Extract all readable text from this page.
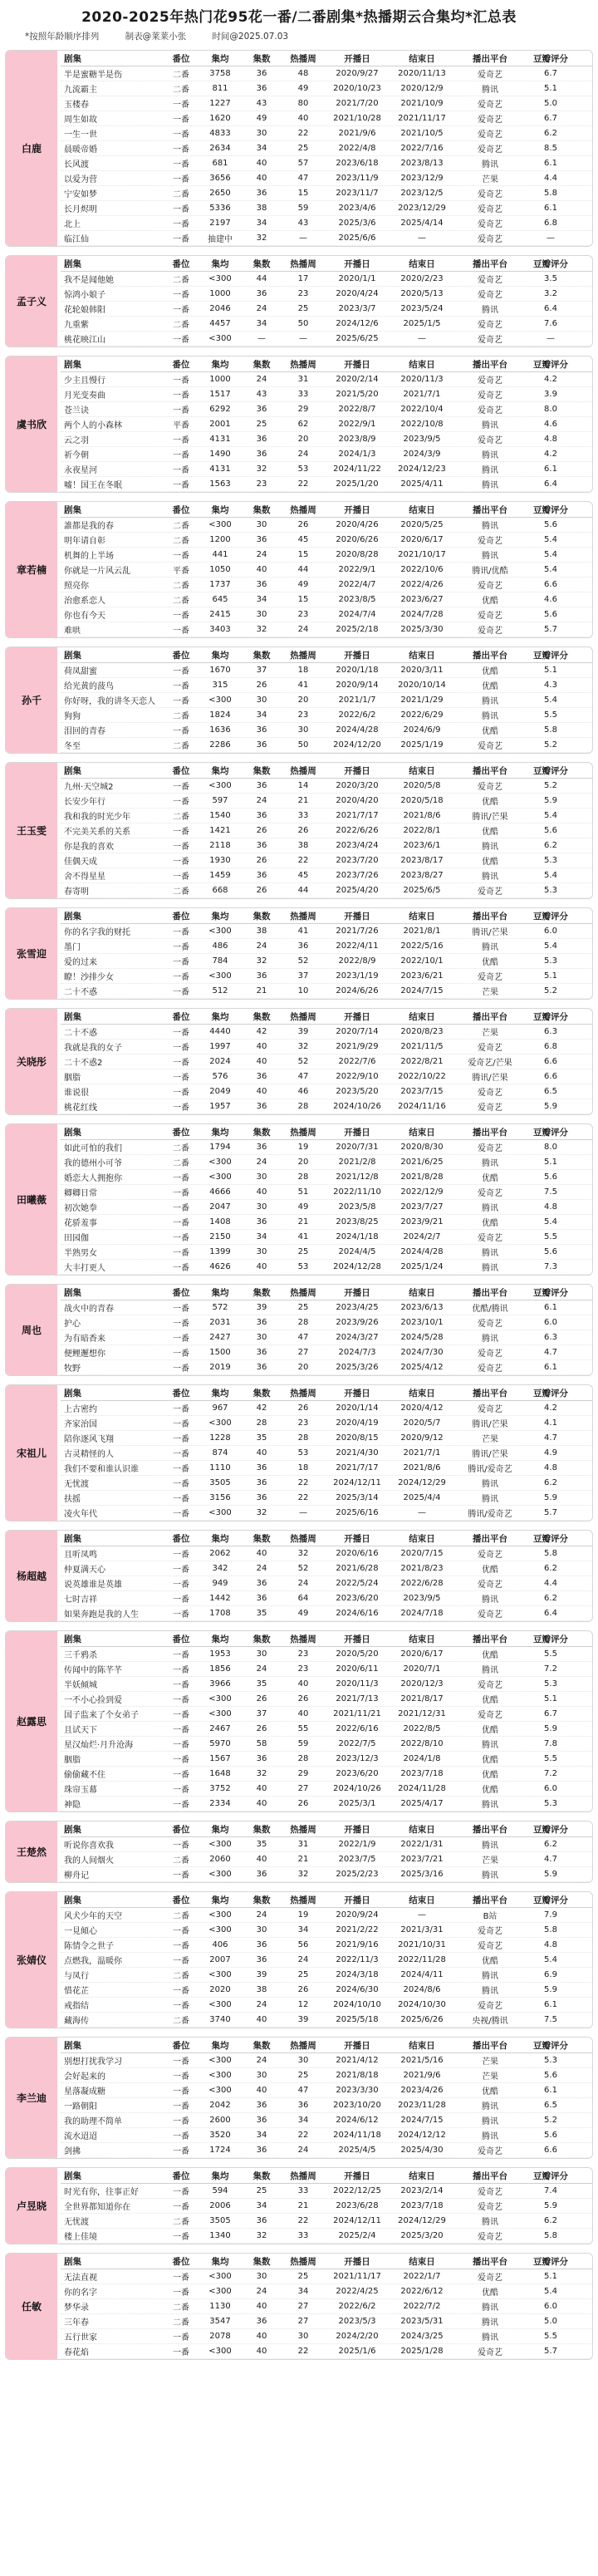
2020-2025年热门花95花一番/二番剧集*热播期云合集均*汇总表
*按照年龄顺序排列	制表@莱莱小张	时间@2025.07.03
白鹿
剧集	番位	集均	集数	热播周	开播日	结束日	播出平台	豆瓣评分
半是蜜糖半是伤	二番	3758	36	48	2020/9/27	2020/11/13	爱奇艺	6.7
九流霸主	二番	811	36	49	2020/10/23	2020/12/9	腾讯	5.1
玉楼春	一番	1227	43	80	2021/7/20	2021/10/9	爱奇艺	5.0
周生如故	一番	1620	49	40	2021/10/28	2021/11/17	爱奇艺	6.7
一生一世	一番	4833	30	22	2021/9/6	2021/10/5	爱奇艺	6.2
晨暖帝婚	一番	2634	34	25	2022/4/8	2022/7/16	爱奇艺	8.5
长风渡	一番	681	40	57	2023/6/18	2023/8/13	腾讯	6.1
以爱为营	一番	3656	40	47	2023/11/9	2023/12/9	芒果	4.4
宁安如梦	二番	2650	36	15	2023/11/7	2023/12/5	爱奇艺	5.8
长月烬明	一番	5336	38	59	2023/4/6	2023/12/29	爱奇艺	6.1
北上	一番	2197	34	43	2025/3/6	2025/4/14	爱奇艺	6.8
临江仙	一番	抽建中	32	—	2025/6/6	—	爱奇艺	—
孟子义
剧集	番位	集均	集数	热播周	开播日	结束日	播出平台	豆瓣评分
我不是闻他她	二番	<300	44	17	2020/1/1	2020/2/23	爱奇艺	3.5
惊鸿小娘子	一番	1000	36	23	2020/4/24	2020/5/13	爱奇艺	3.2
花轮娘韩阳	一番	2046	24	25	2023/3/7	2023/5/24	腾讯	6.4
九重紫	二番	4457	34	50	2024/12/6	2025/1/5	爱奇艺	7.6
桃花映江山	一番	<300	—	—	2025/6/25	—	爱奇艺	—
虞书欣
剧集	番位	集均	集数	热播周	开播日	结束日	播出平台	豆瓣评分
少主且慢行	一番	1000	24	31	2020/2/14	2020/11/3	爱奇艺	4.2
月光变奏曲	一番	1517	43	33	2021/5/20	2021/7/1	爱奇艺	3.9
苍兰诀	一番	6292	36	29	2022/8/7	2022/10/4	爱奇艺	8.0
两个人的小森林	平番	2001	25	62	2022/9/1	2022/10/8	腾讯	4.6
云之羽	一番	4131	36	20	2023/8/9	2023/9/5	爱奇艺	4.8
祈今朝	一番	1490	36	24	2024/1/3	2024/3/9	腾讯	4.2
永夜星河	一番	4131	32	53	2024/11/22	2024/12/23	腾讯	6.1
嘘！国王在冬眠	一番	1563	23	22	2025/1/20	2025/4/11	腾讯	6.4
章若楠
剧集	番位	集均	集数	热播周	开播日	结束日	播出平台	豆瓣评分
誰都是我的春	二番	<300	30	26	2020/4/26	2020/5/25	腾讯	5.6
明年请自彰	二番	1200	36	45	2020/6/26	2020/6/17	爱奇艺	5.4
机舞的上半场	一番	441	24	15	2020/8/28	2021/10/17	腾讯	5.4
你就是一片风云乱	平番	1050	40	44	2022/9/1	2022/10/6	腾讯/优酷	5.4
照亮你	二番	1737	36	49	2022/4/7	2022/4/26	爱奇艺	6.6
治愈系恋人	二番	645	34	15	2023/8/5	2023/6/27	优酷	4.6
你也有今天	一番	2415	30	23	2024/7/4	2024/7/28	爱奇艺	5.6
难哄	一番	3403	32	24	2025/2/18	2025/3/30	爱奇艺	5.7
孙千
剧集	番位	集均	集数	热播周	开播日	结束日	播出平台	豆瓣评分
荷凤甜蜜	一番	1670	37	18	2020/1/18	2020/3/11	优酷	5.1
给光黄的菠鸟	一番	315	26	41	2020/9/14	2020/10/14	优酷	4.3
你好呀，我的讲冬天恋人	一番	<300	30	20	2021/1/7	2021/1/29	腾讯	5.4
狗狗	二番	1824	34	23	2022/6/2	2022/6/29	腾讯	5.5
泪回的青春	一番	1636	36	30	2024/4/28	2024/6/9	优酷	5.8
冬至	二番	2286	36	50	2024/12/20	2025/1/19	爱奇艺	5.2
王玉雯
剧集	番位	集均	集数	热播周	开播日	结束日	播出平台	豆瓣评分
九州·天空城2	一番	<300	36	14	2020/3/20	2020/5/8	爱奇艺	5.2
长安少年行	一番	597	24	21	2020/4/20	2020/5/18	优酷	5.9
我和我的时光少年	二番	1540	36	33	2021/7/17	2021/8/6	腾讯/芒果	5.4
不完美关系的关系	一番	1421	26	26	2022/6/26	2022/8/1	优酷	5.6
你是我的喜欢	一番	2118	36	38	2023/4/24	2023/6/1	腾讯	6.2
佳偶天成	一番	1930	26	22	2023/7/20	2023/8/17	优酷	5.3
舍不得星星	一番	1459	36	45	2023/7/26	2023/8/27	腾讯	5.4
春寄明	二番	668	26	44	2025/4/20	2025/6/5	爱奇艺	5.3
张雪迎
剧集	番位	集均	集数	热播周	开播日	结束日	播出平台	豆瓣评分
你的名字我的财托	一番	<300	38	41	2021/7/26	2021/8/1	腾讯/芒果	6.0
墨门	一番	486	24	36	2022/4/11	2022/5/16	腾讯	5.4
爱的过来	一番	784	32	52	2022/8/9	2022/10/1	优酷	5.3
瞭！沙排少女	一番	<300	36	37	2023/1/19	2023/6/21	爱奇艺	5.1
二十不惑	一番	512	21	10	2024/6/26	2024/7/15	芒果	5.2
关晓彤
剧集	番位	集均	集数	热播周	开播日	结束日	播出平台	豆瓣评分
二十不惑	一番	4440	42	39	2020/7/14	2020/8/23	芒果	6.3
我就是我的女子	一番	1997	40	32	2021/9/29	2021/11/5	爱奇艺	6.8
二十不惑2	一番	2024	40	52	2022/7/6	2022/8/21	爱奇艺/芒果	6.6
胭脂	一番	576	36	47	2022/9/10	2022/10/22	腾讯/芒果	6.6
谁说很	一番	2049	40	46	2023/5/20	2023/7/15	爱奇艺	6.5
桃花红线	一番	1957	36	28	2024/10/26	2024/11/16	爱奇艺	5.9
田曦薇
剧集	番位	集均	集数	热播周	开播日	结束日	播出平台	豆瓣评分
如此可怕的我们	二番	1794	36	19	2020/7/31	2020/8/30	爱奇艺	8.0
我的德州小可爷	二番	<300	24	20	2021/2/8	2021/6/25	腾讯	5.1
婚恋大人拥抱你	一番	<300	30	28	2021/12/8	2021/8/28	优酷	5.6
卿卿日常	一番	4666	40	51	2022/11/10	2022/12/9	爱奇艺	7.5
初次她拳	一番	2047	30	49	2023/5/8	2023/7/27	腾讯	4.8
花骄羞事	一番	1408	36	21	2023/8/25	2023/9/21	优酷	5.4
田园伽	一番	2150	34	41	2024/1/18	2024/2/7	爱奇艺	5.5
半熟男女	一番	1399	30	25	2024/4/5	2024/4/28	腾讯	5.6
大丰打更人	一番	4626	40	53	2024/12/28	2025/1/24	腾讯	7.3
周也
剧集	番位	集均	集数	热播周	开播日	结束日	播出平台	豆瓣评分
战火中的青春	一番	572	39	25	2023/4/25	2023/6/13	优酷/腾讯	6.1
护心	一番	2031	36	28	2023/9/26	2023/10/1	爱奇艺	6.0
为有暗香来	一番	2427	30	47	2024/3/27	2024/5/28	腾讯	6.3
便鲤邂想你	一番	1500	36	27	2024/7/3	2024/7/30	爱奇艺	4.7
牧野	一番	2019	36	20	2025/3/26	2025/4/12	爱奇艺	6.1
宋祖儿
剧集	番位	集均	集数	热播周	开播日	结束日	播出平台	豆瓣评分
上古密约	一番	967	42	26	2020/1/14	2020/4/12	爱奇艺	4.2
齐家治国	一番	<300	28	23	2020/4/19	2020/5/7	腾讯/芒果	4.1
陪你逐风飞翔	一番	1228	35	28	2020/8/15	2020/9/12	芒果	4.7
古灵精怪的人	一番	874	40	53	2021/4/30	2021/7/1	腾讯/芒果	4.9
我们不要和谁认识谁	一番	1110	36	18	2021/7/17	2021/8/6	腾讯/爱奇艺	4.8
无忧渡	一番	3505	36	22	2024/12/11	2024/12/29	腾讯	6.2
扶摇	一番	3156	36	22	2025/3/14	2025/4/4	腾讯	5.9
凌火年代	一番	<300	32	—	2025/6/16	—	腾讯/爱奇艺	5.7
杨超越
剧集	番位	集均	集数	热播周	开播日	结束日	播出平台	豆瓣评分
且听凤鸣	一番	2062	40	32	2020/6/16	2020/7/15	爱奇艺	5.8
仲夏满天心	一番	342	24	52	2021/6/28	2021/8/23	优酷	6.2
说英雄谁是英雄	一番	949	36	24	2022/5/24	2022/6/28	爱奇艺	4.4
七时吉祥	一番	1442	36	64	2023/6/20	2023/9/5	腾讯	6.2
如果奔跑是我的人生	一番	1708	35	49	2024/6/16	2024/7/18	爱奇艺	6.4
赵露思
剧集	番位	集均	集数	热播周	开播日	结束日	播出平台	豆瓣评分
三千鸦杀	一番	1953	30	23	2020/5/20	2020/6/17	优酷	5.5
传闻中的陈芊芊	一番	1856	24	23	2020/6/11	2020/7/1	腾讯	7.2
半妖倾城	一番	3966	35	40	2020/11/3	2020/12/3	爱奇艺	5.3
一不小心捡到爱	一番	<300	26	26	2021/7/13	2021/8/17	优酷	5.1
国子监来了个女弟子	一番	<300	37	40	2021/11/21	2021/12/31	爱奇艺	6.7
且试天下	一番	2467	26	55	2022/6/16	2022/8/5	优酷	5.9
星汉灿烂·月升沧海	一番	5970	58	59	2022/7/5	2022/8/10	腾讯	7.8
胭脂	一番	1567	36	28	2023/12/3	2024/1/8	优酷	5.5
偷偷藏不住	一番	1648	32	29	2023/6/20	2023/7/18	优酷	7.2
珠帘玉幕	一番	3752	40	27	2024/10/26	2024/11/28	优酷	6.0
神隐	一番	2334	40	26	2025/3/1	2025/4/17	腾讯	5.3
王楚然
剧集	番位	集均	集数	热播周	开播日	结束日	播出平台	豆瓣评分
听说你喜欢我	一番	<300	35	31	2022/1/9	2022/1/31	腾讯	6.2
我的人间烟火	二番	2060	40	21	2023/7/5	2023/7/21	芒果	4.7
柳舟记	一番	<300	36	32	2025/2/23	2025/3/16	腾讯	5.9
张婧仪
剧集	番位	集均	集数	热播周	开播日	结束日	播出平台	豆瓣评分
风犬少年的天空	二番	<300	24	19	2020/9/24	—	B站	7.9
一見傾心	一番	<300	30	34	2021/2/22	2021/3/31	爱奇艺	5.8
陈情令之世子	一番	406	36	56	2021/9/16	2021/10/31	爱奇艺	4.8
点燃我，温暖你	一番	2007	36	24	2022/11/3	2022/11/28	优酷	5.4
与凤行	二番	<300	39	25	2024/3/18	2024/4/11	腾讯	6.9
惜花芷	一番	2020	38	26	2024/6/30	2024/8/6	腾讯	5.9
戒指结	一番	<300	24	12	2024/10/10	2024/10/30	爱奇艺	6.1
藏海传	二番	3740	40	39	2025/5/18	2025/6/26	央视/腾讯	7.5
李兰迪
剧集	番位	集均	集数	热播周	开播日	结束日	播出平台	豆瓣评分
别想打扰我学习	一番	<300	24	30	2021/4/12	2021/5/16	芒果	5.3
会好起来的	一番	<300	30	25	2021/8/18	2021/9/6	芒果	5.6
星落凝成糖	一番	<300	40	47	2023/3/30	2023/4/26	优酷	6.1
一路朝阳	一番	2042	36	36	2023/10/20	2023/11/28	腾讯	6.5
我的助理不简单	一番	2600	36	34	2024/6/12	2024/7/15	腾讯	5.2
流水迢迢	一番	3520	34	22	2024/11/18	2024/12/12	腾讯	5.6
剑拂	一番	1724	36	24	2025/4/5	2025/4/30	爱奇艺	6.6
卢昱晓
剧集	番位	集均	集数	热播周	开播日	结束日	播出平台	豆瓣评分
时光有你，往事正好	一番	594	25	33	2022/12/25	2023/2/14	爱奇艺	7.4
全世界都知道你在	一番	2006	34	21	2023/6/28	2023/7/18	爱奇艺	5.9
无忧渡	二番	3505	36	22	2024/12/11	2024/12/29	腾讯	6.2
楼上佳境	一番	1340	32	33	2025/2/4	2025/3/20	爱奇艺	5.8
任敏
剧集	番位	集均	集数	热播周	开播日	结束日	播出平台	豆瓣评分
无法直视	一番	<300	30	25	2021/11/17	2022/1/7	爱奇艺	5.1
你的名字	一番	<300	24	34	2022/4/25	2022/6/12	优酷	5.4
梦华录	二番	1130	40	27	2022/6/2	2022/7/2	腾讯	6.0
三年春	二番	3547	36	27	2023/5/3	2023/5/31	腾讯	5.0
五行世家	一番	2078	40	30	2024/2/20	2024/3/25	腾讯	5.5
春花焰	一番	<300	40	22	2025/1/6	2025/1/28	爱奇艺	5.7
